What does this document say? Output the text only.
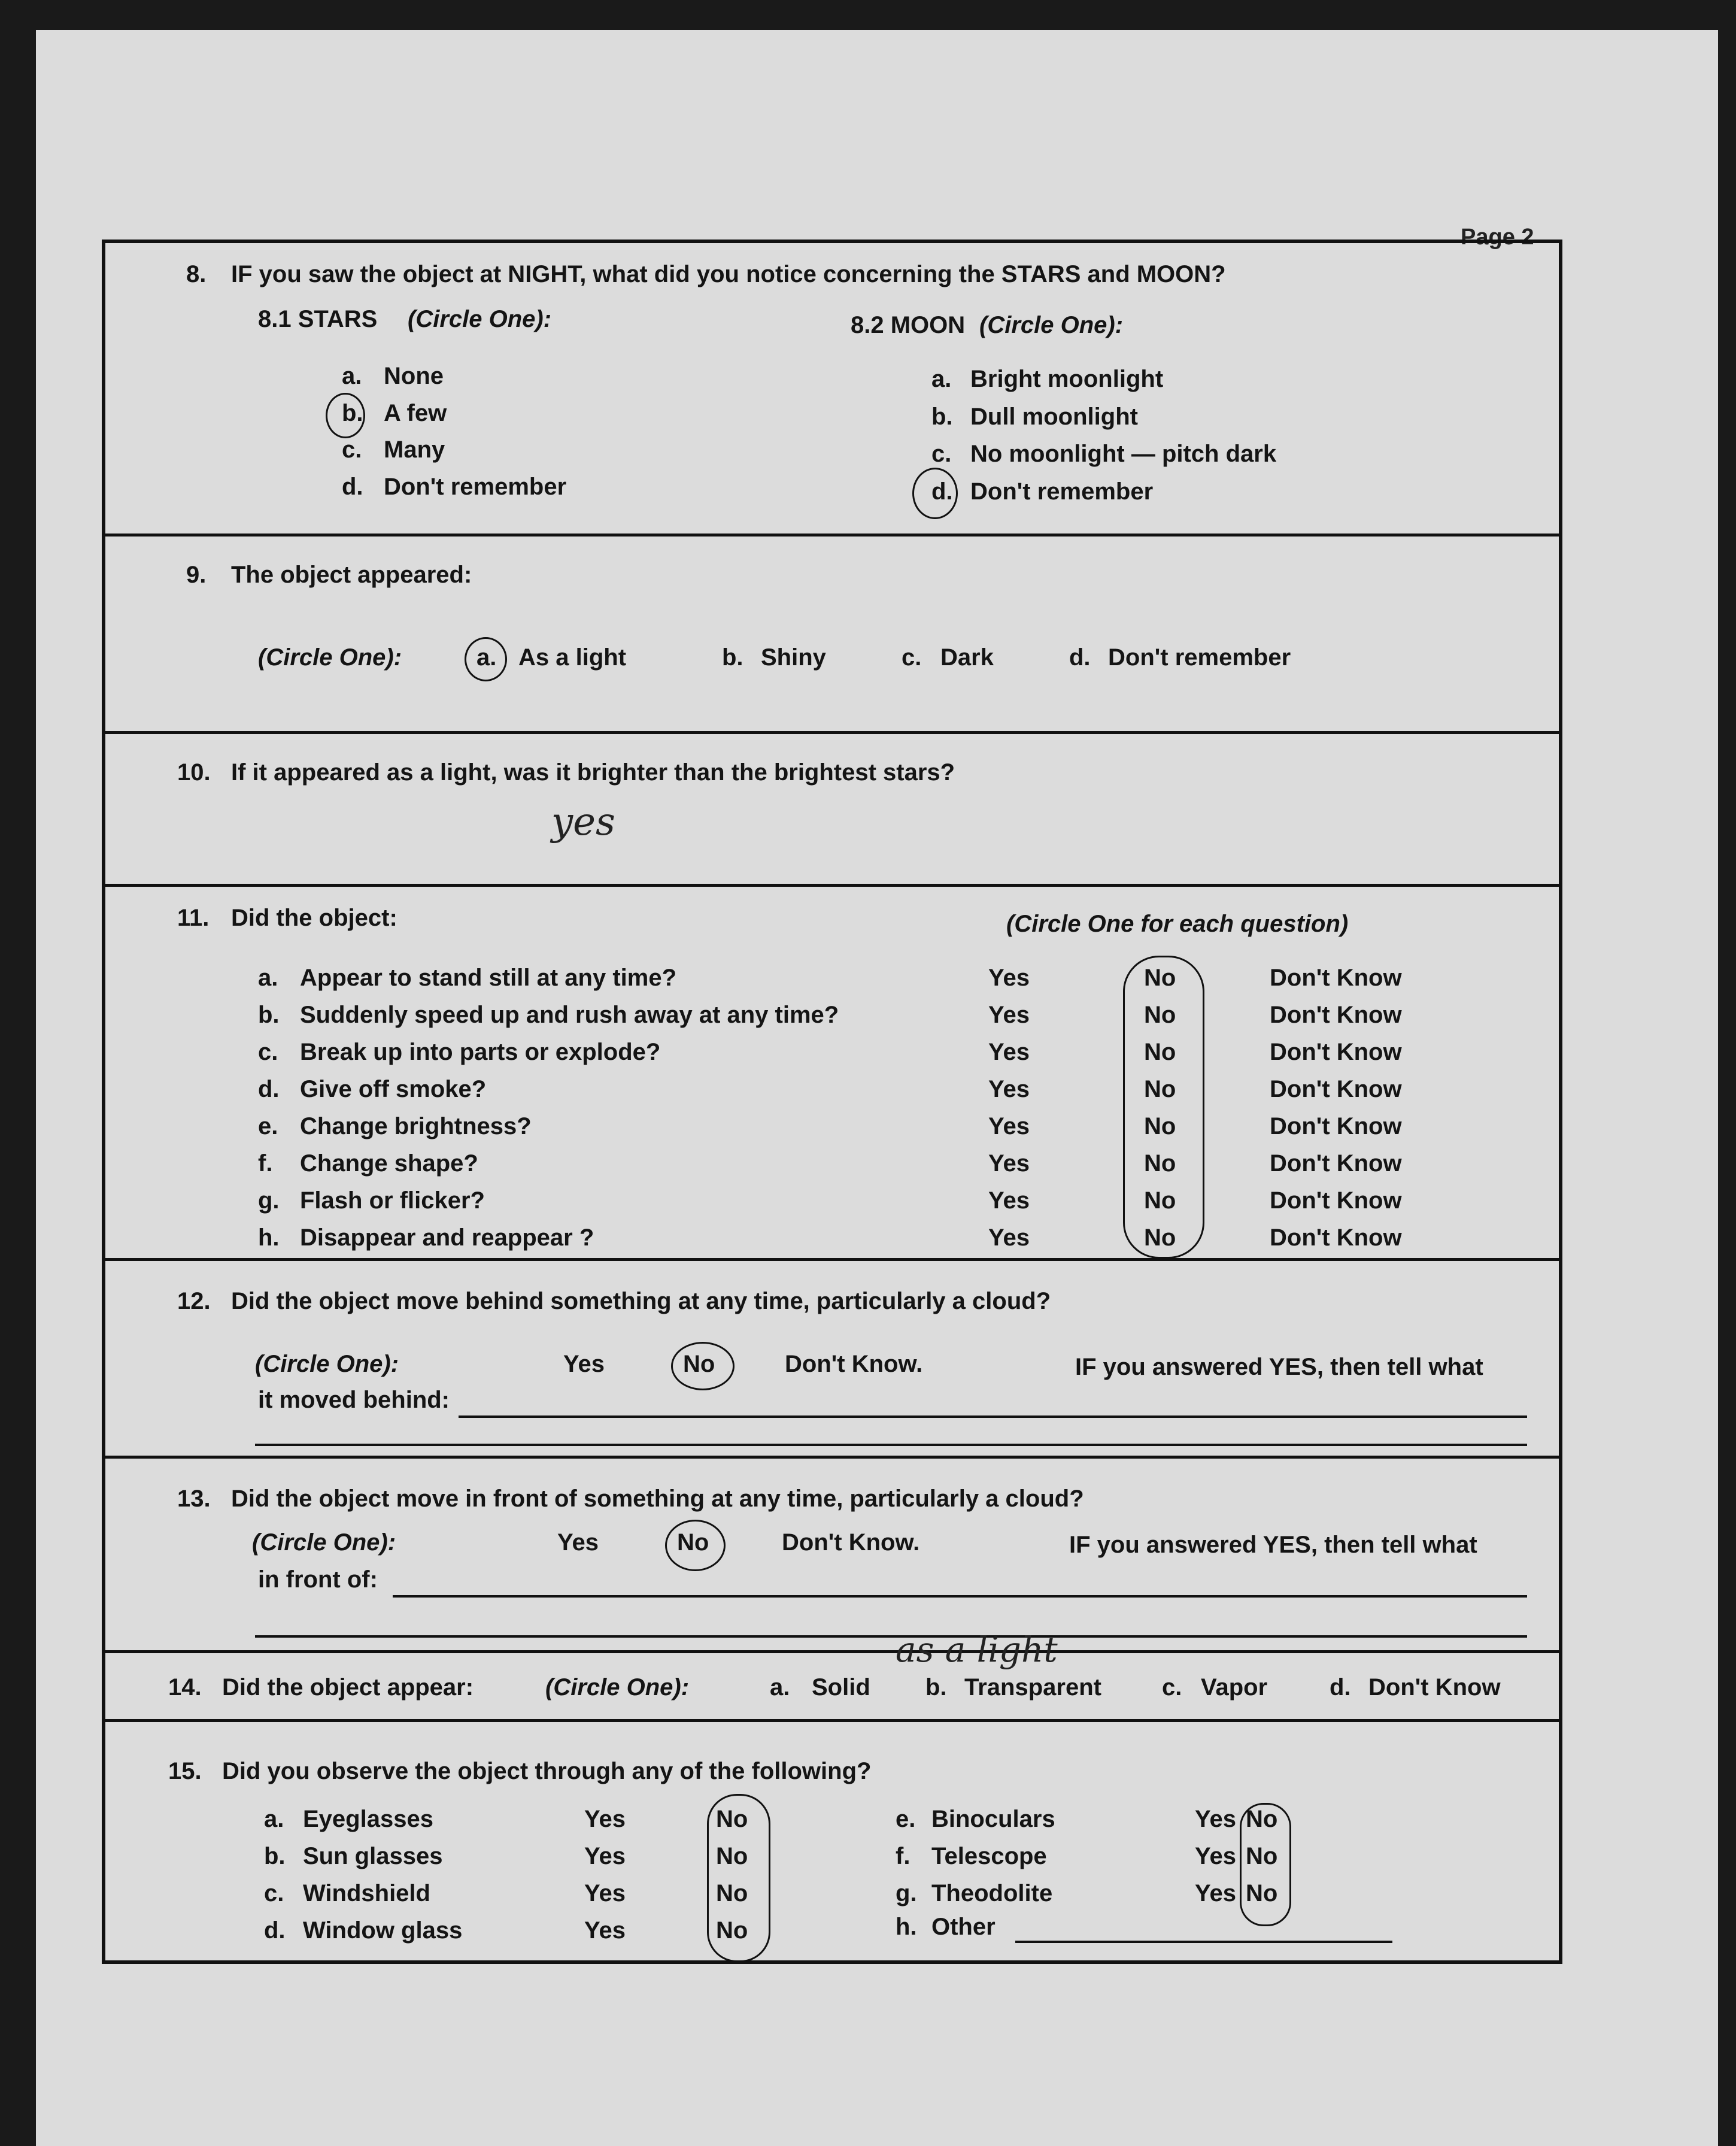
Page 2
8. IF you saw the object at NIGHT, what did you notice concerning the STARS and MOON?
8.1 STARS (Circle One):	8.2 MOON (Circle One):
a. None
b. A few
c. Many
d. Don't remember
a. Bright moonlight
b. Dull moonlight
c. No moonlight — pitch dark
d. Don't remember
9. The object appeared:
(Circle One):	a. As a light	b. Shiny	c. Dark	d. Don't remember
10. If it appeared as a light, was it brighter than the brightest stars?
yes
11. Did the object:	(Circle One for each question)
a. Appear to stand still at any time?	Yes	No	Don't Know
b. Suddenly speed up and rush away at any time?	Yes	No	Don't Know
c. Break up into parts or explode?	Yes	No	Don't Know
d. Give off smoke?	Yes	No	Don't Know
e. Change brightness?	Yes	No	Don't Know
f. Change shape?	Yes	No	Don't Know
g. Flash or flicker?	Yes	No	Don't Know
h. Disappear and reappear ?	Yes	No	Don't Know
12. Did the object move behind something at any time, particularly a cloud?
(Circle One):	Yes	No	Don't Know.	IF you answered YES, then tell what
it moved behind:
13. Did the object move in front of something at any time, particularly a cloud?
(Circle One):	Yes	No	Don't Know.	IF you answered YES, then tell what
in front of:
14. Did the object appear:	(Circle One):	a. Solid b. Transparent	c. Vapor	d. Don't Know
as a light
15. Did you observe the object through any of the following?
a. Eyeglasses	Yes	No
b. Sun glasses	Yes	No
c. Windshield	Yes	No
d. Window glass	Yes	No
e. Binoculars	Yes No
f. Telescope	Yes No
g. Theodolite	Yes No
h. Other
